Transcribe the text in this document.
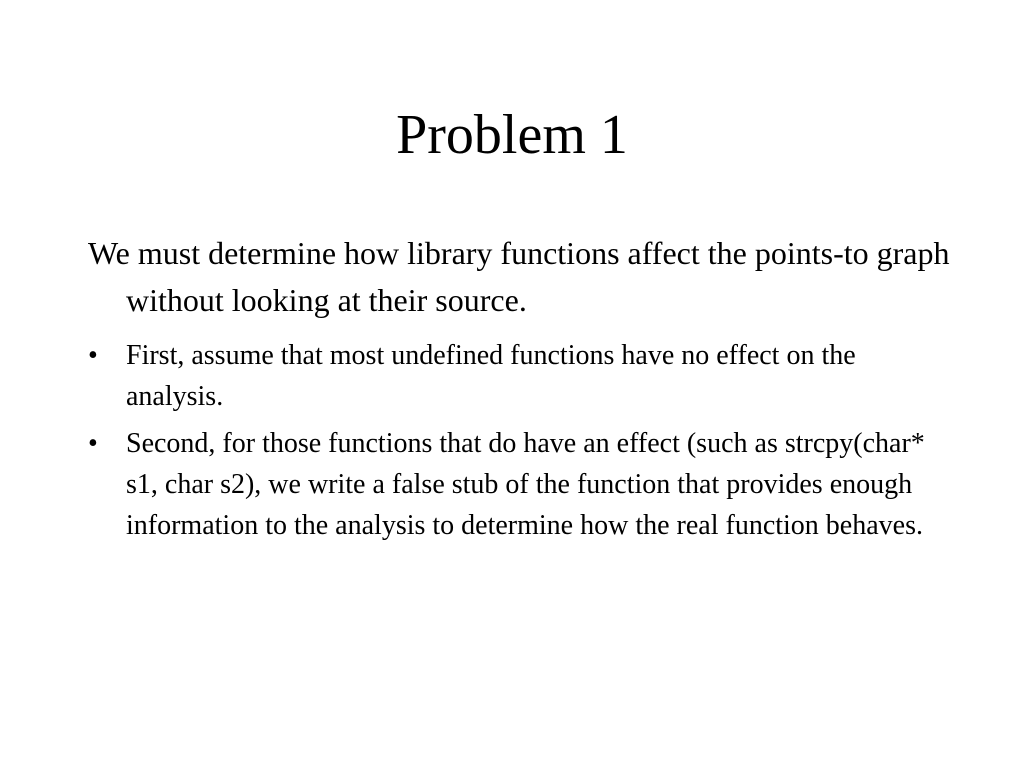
Problem 1

We must determine how library functions affect the points-to graph without looking at their source.

•	First, assume that most undefined functions have no effect on the analysis.
•	Second, for those functions that do have an effect (such as strcpy(char* s1, char s2), we write a false stub of the function that provides enough information to the analysis to determine how the real function behaves.
